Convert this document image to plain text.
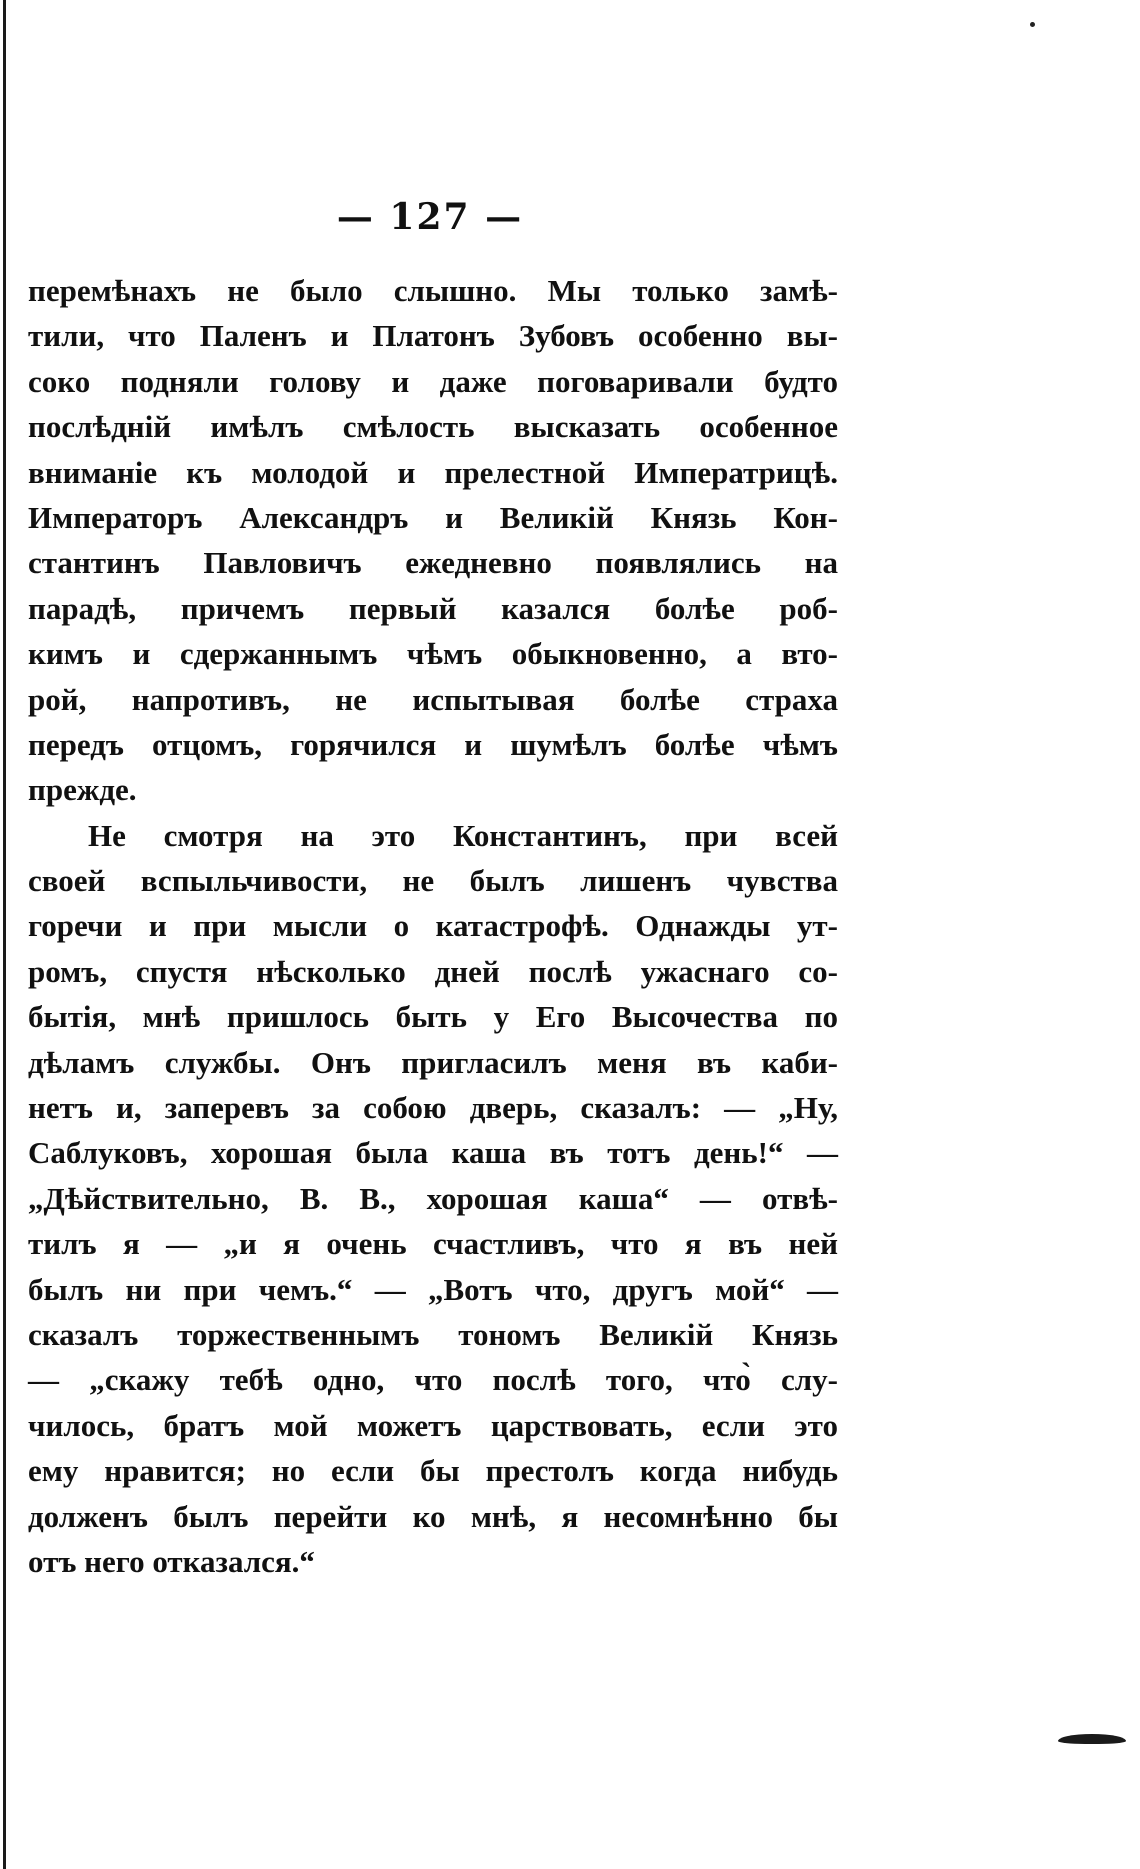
— 127 —
перемѣнахъ не было слышно. Мы только замѣ-
тили, что Паленъ и Платонъ Зубовъ особенно вы-
соко подняли голову и даже поговаривали будто
послѣдній имѣлъ смѣлость высказать особенное
вниманіе къ молодой и прелестной Императрицѣ.
Императоръ Александръ и Великій Князь Кон-
стантинъ Павловичъ ежедневно появлялись на
парадѣ, причемъ первый казался болѣе роб-
кимъ и сдержаннымъ чѣмъ обыкновенно, а вто-
рой, напротивъ, не испытывая болѣе страха
передъ отцомъ, горячился и шумѣлъ болѣе чѣмъ
прежде.
Не смотря на это Константинъ, при всей
своей вспыльчивости, не былъ лишенъ чувства
горечи и при мысли о катастрофѣ. Однажды ут-
ромъ, спустя нѣсколько дней послѣ ужаснаго со-
бытія, мнѣ пришлось быть у Его Высочества по
дѣламъ службы. Онъ пригласилъ меня въ каби-
нетъ и, заперевъ за собою дверь, сказалъ: — „Ну,
Саблуковъ, хорошая была каша въ тотъ день!“ —
„Дѣйствительно, В. В., хорошая каша“ — отвѣ-
тилъ я — „и я очень счастливъ, что я въ ней
былъ ни при чемъ.“ — „Вотъ что, другъ мой“ —
сказалъ торжественнымъ тономъ Великій Князь
— „скажу тебѣ одно, что послѣ того, что̀ слу-
чилось, братъ мой можетъ царствовать, если это
ему нравится; но если бы престолъ когда нибудь
долженъ былъ перейти ко мнѣ, я несомнѣнно бы
отъ него отказался.“
